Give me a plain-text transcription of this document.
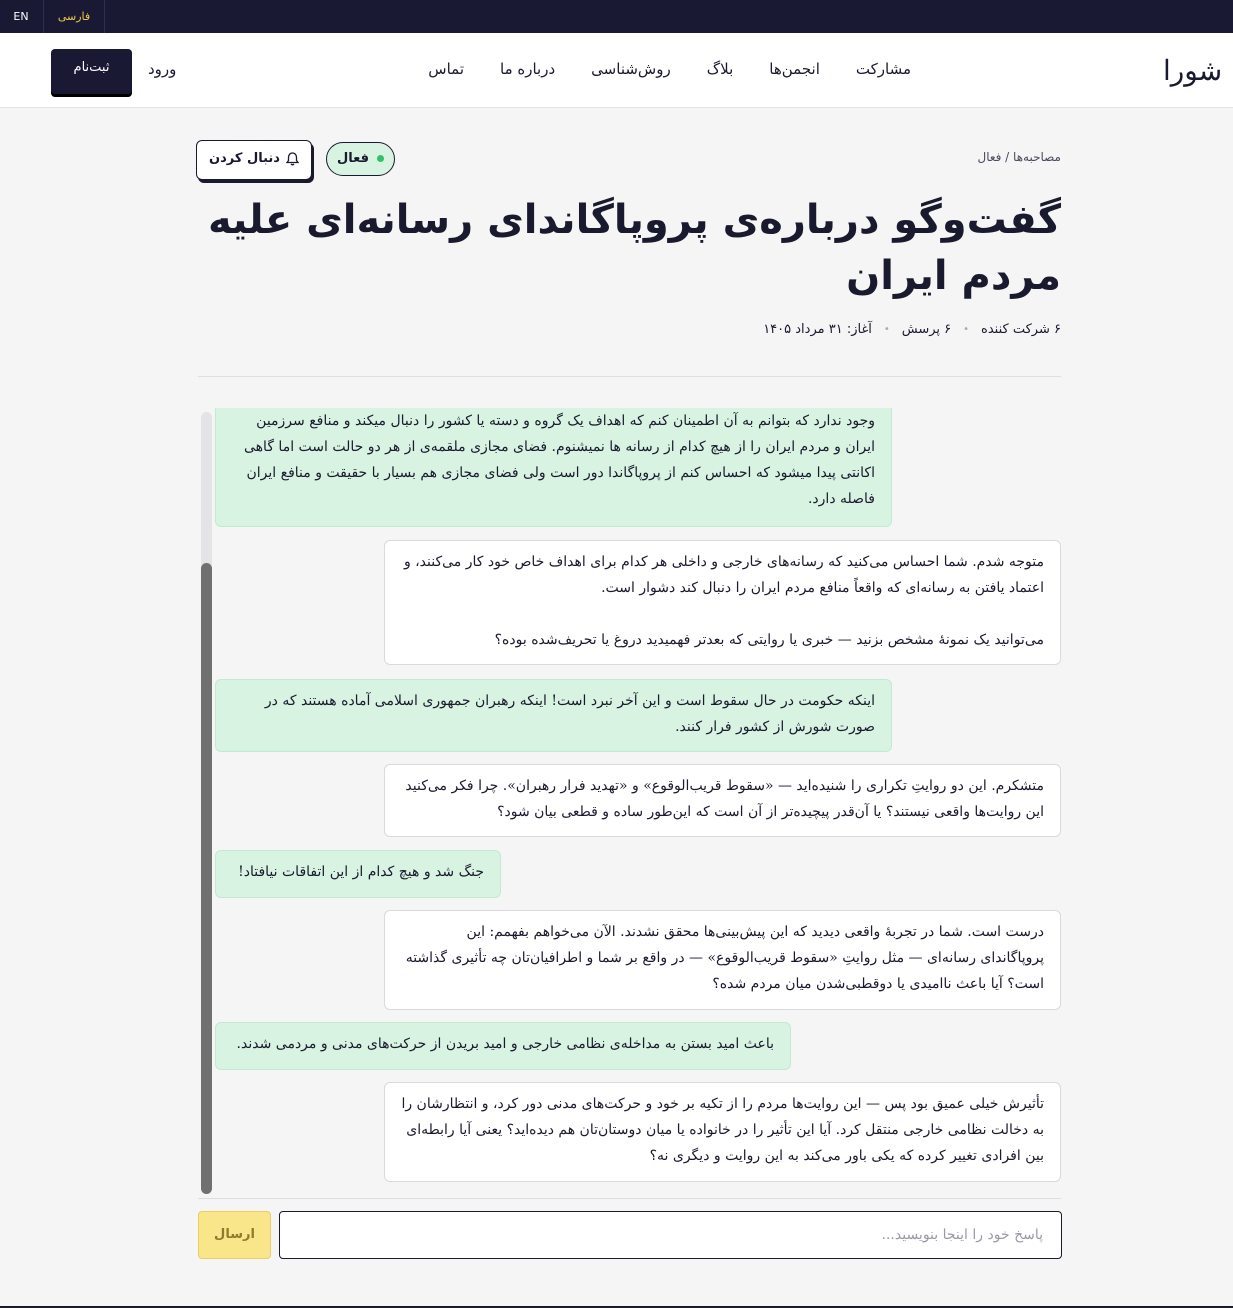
EN	فارسی
شورا
مشارکت
انجمن‌ها
بلاگ
روش‌شناسی
درباره ما
تماس
ورود
ثبت‌نام
مصاحبه‌ها / فعال
فعال
دنبال کردن
گفت‌وگو درباره‌ی پروپاگاندای رسانه‌ای علیه مردم ایران
۶ شرکت کننده
•
۶ پرسش
•
آغاز: ۳۱ مرداد ۱۴۰۵
وجود ندارد که بتوانم به آن اطمینان کنم که اهداف یک گروه و دسته یا کشور را دنبال میکند و منافع سرزمین ایران و مردم ایران را از هیچ کدام از رسانه ها نمیشنوم. فضای مجازی ملقمه‌ی از هر دو حالت است اما گاهی اکانتی پیدا میشود که احساس کنم از پروپاگاندا دور است ولی فضای مجازی هم بسیار با حقیقت و منافع ایران فاصله دارد.
متوجه شدم. شما احساس می‌کنید که رسانه‌های خارجی و داخلی هر کدام برای اهداف خاص خود کار می‌کنند، و اعتماد یافتن به رسانه‌ای که واقعاً منافع مردم ایران را دنبال کند دشوار است.

می‌توانید یک نمونهٔ مشخص بزنید — خبری یا روایتی که بعدتر فهمیدید دروغ یا تحریف‌شده بوده؟
اینکه حکومت در حال سقوط است و این آخر نبرد است! اینکه رهبران جمهوری اسلامی آماده هستند که در صورت شورش از کشور فرار کنند.
متشکرم. این دو روایتِ تکراری را شنیده‌اید — «سقوط قریب‌الوقوع» و «تهدید فرار رهبران». چرا فکر می‌کنید این روایت‌ها واقعی نیستند؟ یا آن‌قدر پیچیده‌تر از آن است که این‌طور ساده و قطعی بیان شود؟
جنگ شد و هیچ کدام از این اتفاقات نیافتاد!
درست است. شما در تجربهٔ واقعی دیدید که این پیش‌بینی‌ها محقق نشدند. الآن می‌خواهم بفهمم: این پروپاگاندای رسانه‌ای — مثل روایتِ «سقوط قریب‌الوقوع» — در واقع بر شما و اطرافیان‌تان چه تأثیری گذاشته است؟ آیا باعث ناامیدی یا دوقطبی‌شدن میان مردم شده؟
باعث امید بستن به مداخله‌ی نظامی خارجی و امید بریدن از حرکت‌های مدنی و مردمی شدند.
تأثیرش خیلی عمیق بود پس — این روایت‌ها مردم را از تکیه بر خود و حرکت‌های مدنی دور کرد، و انتظارشان را به دخالت نظامی خارجی منتقل کرد. آیا این تأثیر را در خانواده یا میان دوستان‌تان هم دیده‌اید؟ یعنی آیا رابطه‌ای بین افرادی تغییر کرده که یکی باور می‌کند به این روایت و دیگری نه؟
ارسال
پاسخ خود را اینجا بنویسید...
